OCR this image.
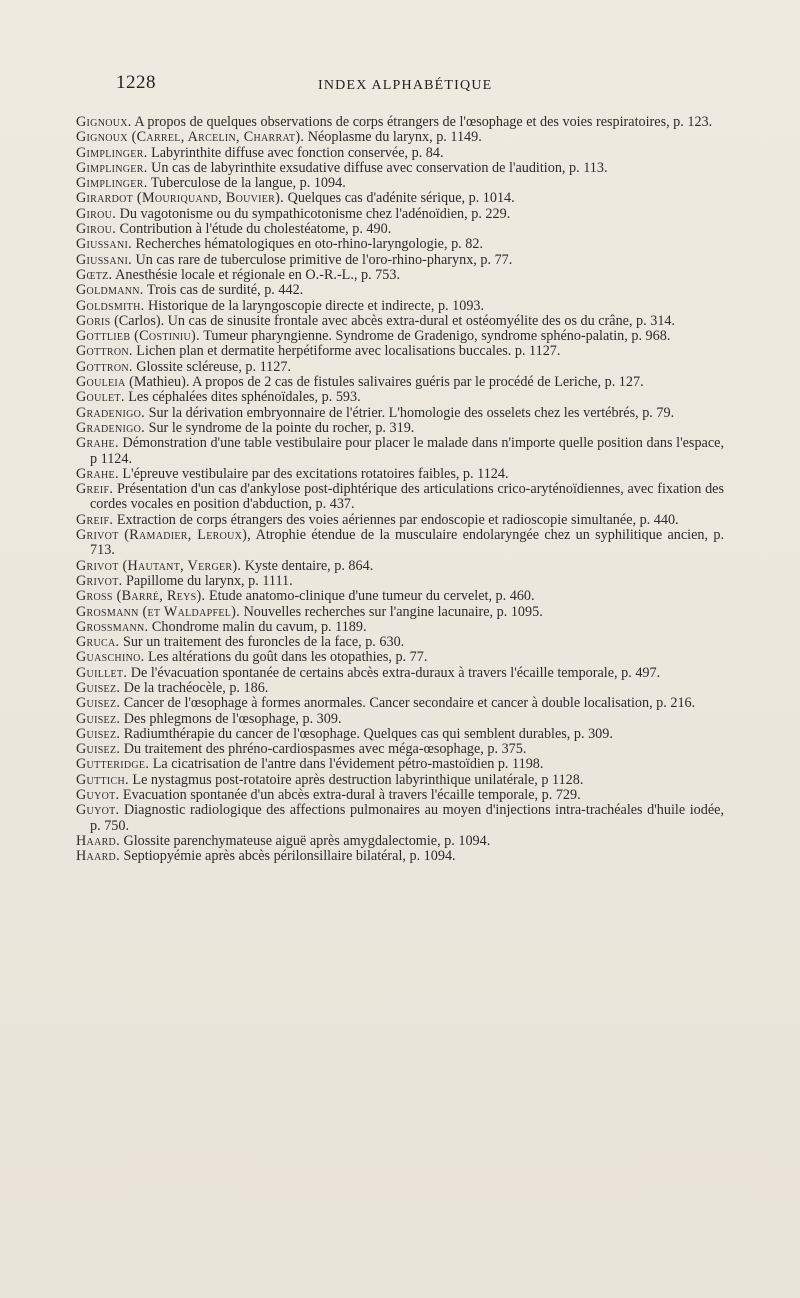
1228	INDEX ALPHABÉTIQUE

Gignoux. A propos de quelques observations de corps étrangers de l'œsophage et des voies respiratoires, p. 123.

Gignoux (Carrel, Arcelin, Charrat). Néoplasme du larynx, p. 1149.

Gimplinger. Labyrinthite diffuse avec fonction conservée, p. 84.

Gimplinger. Un cas de labyrinthite exsudative diffuse avec conservation de l'audition, p. 113.

Gimplinger. Tuberculose de la langue, p. 1094.

Girardot (Mouriquand, Bouvier). Quelques cas d'adénite sérique, p. 1014.

Girou. Du vagotonisme ou du sympathicotonisme chez l'adénoïdien, p. 229.

Girou. Contribution à l'étude du cholestéatome, p. 490.

Giussani. Recherches hématologiques en oto-rhino-laryngologie, p. 82.

Giussani. Un cas rare de tuberculose primitive de l'oro-rhino-pharynx, p. 77.

Gœtz. Anesthésie locale et régionale en O.-R.-L., p. 753.

Goldmann. Trois cas de surdité, p. 442.

Goldsmith. Historique de la laryngoscopie directe et indirecte, p. 1093.

Goris (Carlos). Un cas de sinusite frontale avec abcès extra-dural et ostéomyélite des os du crâne, p. 314.

Gottlieb (Costiniu). Tumeur pharyngienne. Syndrome de Gradenigo, syndrome sphéno-palatin, p. 968.

Gottron. Lichen plan et dermatite herpétiforme avec localisations buccales. p. 1127.

Gottron. Glossite scléreuse, p. 1127.

Gouleia (Mathieu). A propos de 2 cas de fistules salivaires guéris par le procédé de Leriche, p. 127.

Goulet. Les céphalées dites sphénoïdales, p. 593.

Gradenigo. Sur la dérivation embryonnaire de l'étrier. L'homologie des osselets chez les vertébrés, p. 79.

Gradenigo. Sur le syndrome de la pointe du rocher, p. 319.

Grahe. Démonstration d'une table vestibulaire pour placer le malade dans n'importe quelle position dans l'espace, p 1124.

Grahe. L'épreuve vestibulaire par des excitations rotatoires faibles, p. 1124.

Greif. Présentation d'un cas d'ankylose post-diphtérique des articulations crico-aryténoïdiennes, avec fixation des cordes vocales en position d'abduction, p. 437.

Greif. Extraction de corps étrangers des voies aériennes par endoscopie et radioscopie simultanée, p. 440.

Grivot (Ramadier, Leroux), Atrophie étendue de la musculaire endolaryngée chez un syphilitique ancien, p. 713.

Grivot (Hautant, Verger). Kyste dentaire, p. 864.

Grivot. Papillome du larynx, p. 1111.

Gross (Barré, Reys). Etude anatomo-clinique d'une tumeur du cervelet, p. 460.

Grosmann (et Waldapfel). Nouvelles recherches sur l'angine lacunaire, p. 1095.

Grossmann. Chondrome malin du cavum, p. 1189.

Gruca. Sur un traitement des furoncles de la face, p. 630.

Guaschino. Les altérations du goût dans les otopathies, p. 77.

Guillet. De l'évacuation spontanée de certains abcès extra-duraux à travers l'écaille temporale, p. 497.

Guisez. De la trachéocèle, p. 186.

Guisez. Cancer de l'œsophage à formes anormales. Cancer secondaire et cancer à double localisation, p. 216.

Guisez. Des phlegmons de l'œsophage, p. 309.

Guisez. Radiumthérapie du cancer de l'œsophage. Quelques cas qui semblent durables, p. 309.

Guisez. Du traitement des phréno-cardiospasmes avec méga-œsophage, p. 375.

Gutteridge. La cicatrisation de l'antre dans l'évidement pétro-mastoïdien p. 1198.

Guttich. Le nystagmus post-rotatoire après destruction labyrinthique unilatérale, p 1128.

Guyot. Evacuation spontanée d'un abcès extra-dural à travers l'écaille temporale, p. 729.

Guyot. Diagnostic radiologique des affections pulmonaires au moyen d'injections intra-trachéales d'huile iodée, p. 750.

Haard. Glossite parenchymateuse aiguë après amygdalectomie, p. 1094.

Haard. Septiopyémie après abcès périlonsillaire bilatéral, p. 1094.
